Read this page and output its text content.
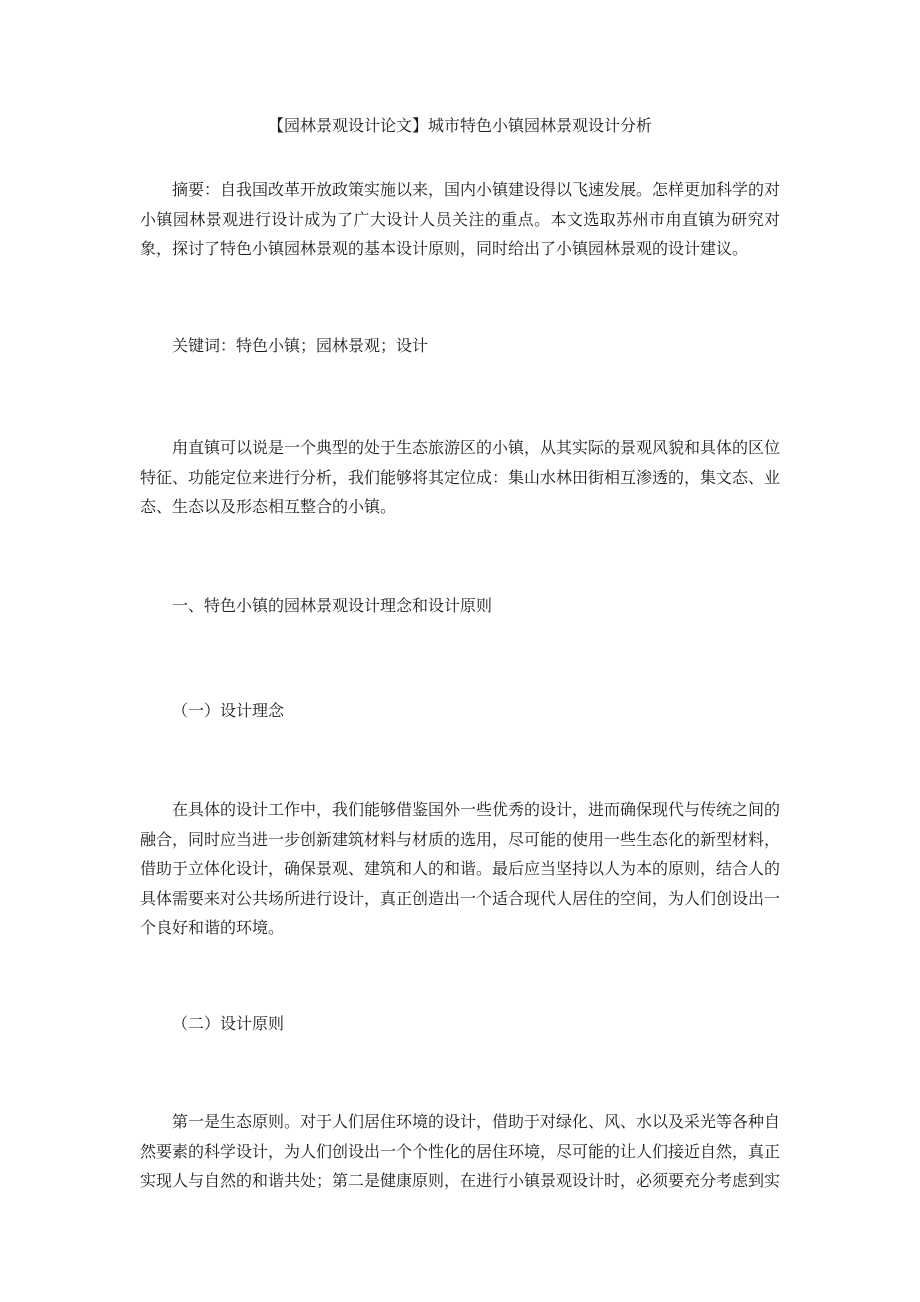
【园林景观设计论文】城市特色小镇园林景观设计分析

摘要：自我国改革开放政策实施以来，国内小镇建设得以飞速发展。怎样更加科学的对小镇园林景观进行设计成为了广大设计人员关注的重点。本文选取苏州市甪直镇为研究对象，探讨了特色小镇园林景观的基本设计原则，同时给出了小镇园林景观的设计建议。

关键词：特色小镇；园林景观；设计

甪直镇可以说是一个典型的处于生态旅游区的小镇，从其实际的景观风貌和具体的区位特征、功能定位来进行分析，我们能够将其定位成：集山水林田街相互渗透的，集文态、业态、生态以及形态相互整合的小镇。

一、特色小镇的园林景观设计理念和设计原则
（一）设计理念

在具体的设计工作中，我们能够借鉴国外一些优秀的设计，进而确保现代与传统之间的融合，同时应当进一步创新建筑材料与材质的选用，尽可能的使用一些生态化的新型材料，借助于立体化设计，确保景观、建筑和人的和谐。最后应当坚持以人为本的原则，结合人的具体需要来对公共场所进行设计，真正创造出一个适合现代人居住的空间，为人们创设出一个良好和谐的环境。

（二）设计原则

第一是生态原则。对于人们居住环境的设计，借助于对绿化、风、水以及采光等各种自然要素的科学设计，为人们创设出一个个性化的居住环境，尽可能的让人们接近自然，真正实现人与自然的和谐共处；第二是健康原则，在进行小镇景观设计时，必须要充分考虑到实
